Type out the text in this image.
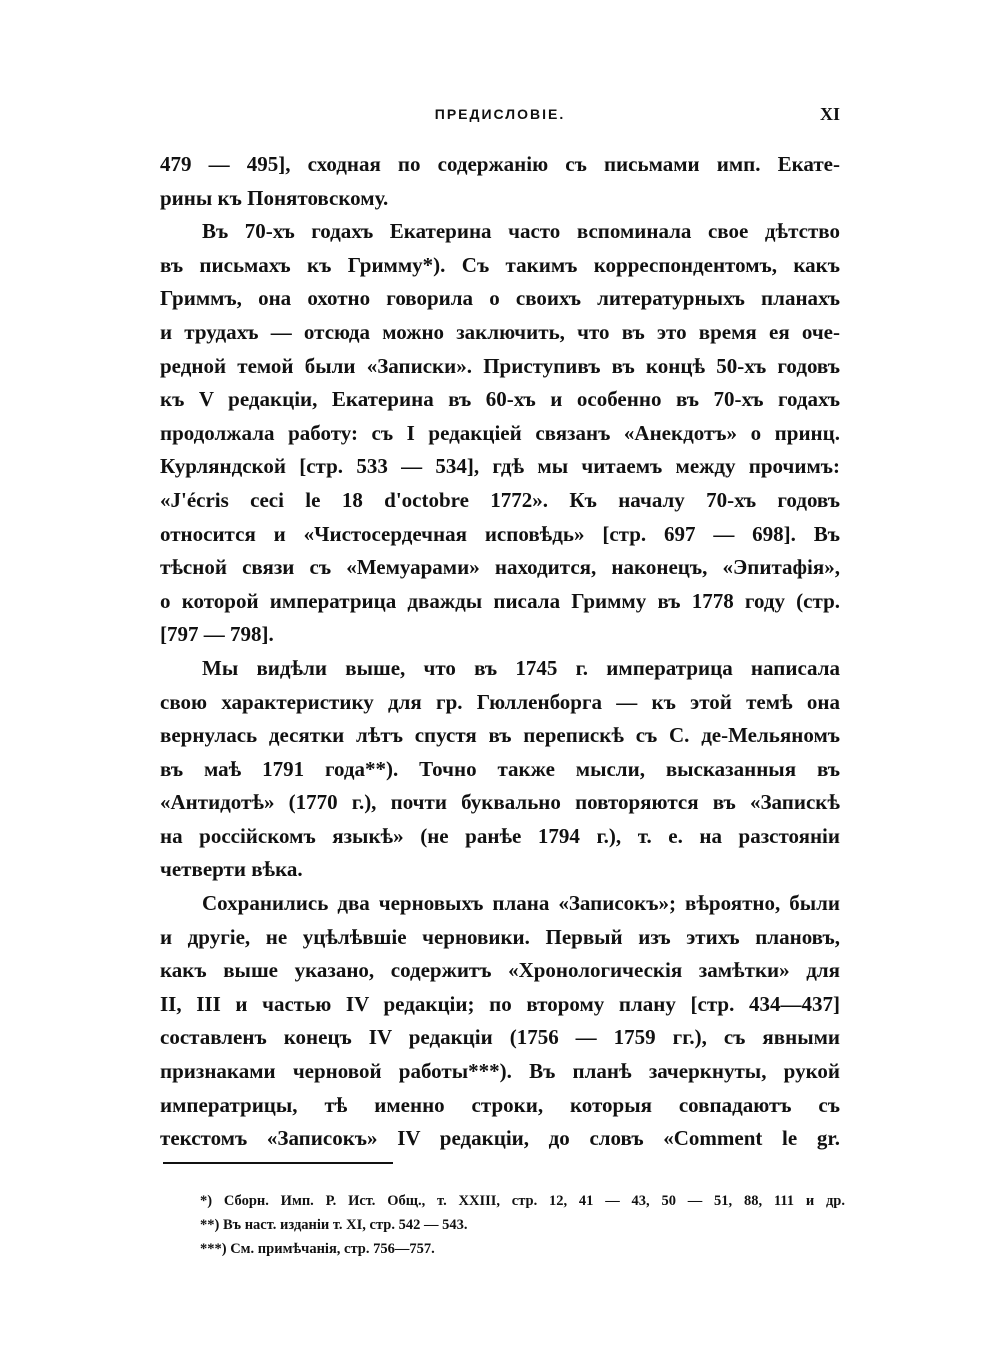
ПРЕДИСЛОВІЕ.	XI
479 — 495], сходная по содержанію съ письмами имп. Екате-
рины къ Понятовскому.
Въ 70-хъ годахъ Екатерина часто вспоминала свое дѣтство
въ письмахъ къ Гримму*). Съ такимъ корреспондентомъ, какъ
Гриммъ, она охотно говорила о своихъ литературныхъ планахъ
и трудахъ — отсюда можно заключить, что въ это время ея оче-
редной темой были «Записки». Приступивъ въ концѣ 50-хъ годовъ
къ V редакціи, Екатерина въ 60-хъ и особенно въ 70-хъ годахъ
продолжала работу: съ I редакціей связанъ «Анекдотъ» о принц.
Курляндской [стр. 533 — 534], гдѣ мы читаемъ между прочимъ:
«J'écris ceci le 18 d'octobre 1772». Къ началу 70-хъ годовъ
относится и «Чистосердечная исповѣдь» [стр. 697 — 698]. Въ
тѣсной связи съ «Мемуарами» находится, наконецъ, «Эпитафія»,
о которой императрица дважды писала Гримму въ 1778 году (стр.
[797 — 798].
Мы видѣли выше, что въ 1745 г. императрица написала
свою характеристику для гр. Гюлленборга — къ этой темѣ она
вернулась десятки лѣтъ спустя въ перепискѣ съ С. де-Мельяномъ
въ маѣ 1791 года**). Точно также мысли, высказанныя въ
«Антидотѣ» (1770 г.), почти буквально повторяются въ «Запискѣ
на россійскомъ языкѣ» (не ранѣе 1794 г.), т. е. на разстояніи
четверти вѣка.
Сохранились два черновыхъ плана «Записокъ»; вѣроятно, были
и другіе, не уцѣлѣвшіе черновики. Первый изъ этихъ плановъ,
какъ выше указано, содержитъ «Хронологическія замѣтки» для
II, III и частью IV редакціи; по второму плану [стр. 434—437]
составленъ конецъ IV редакціи (1756 — 1759 гг.), съ явными
признаками черновой работы***). Въ планѣ зачеркнуты, рукой
императрицы, тѣ именно строки, которыя совпадаютъ съ
текстомъ «Записокъ» IV редакціи, до словъ «Comment le gr.
*) Сборн. Имп. Р. Ист. Общ., т. XXIII, стр. 12, 41 — 43, 50 — 51, 88, 111 и др.
**) Въ наст. изданіи т. XI, стр. 542 — 543.
***) См. примѣчанія, стр. 756—757.
